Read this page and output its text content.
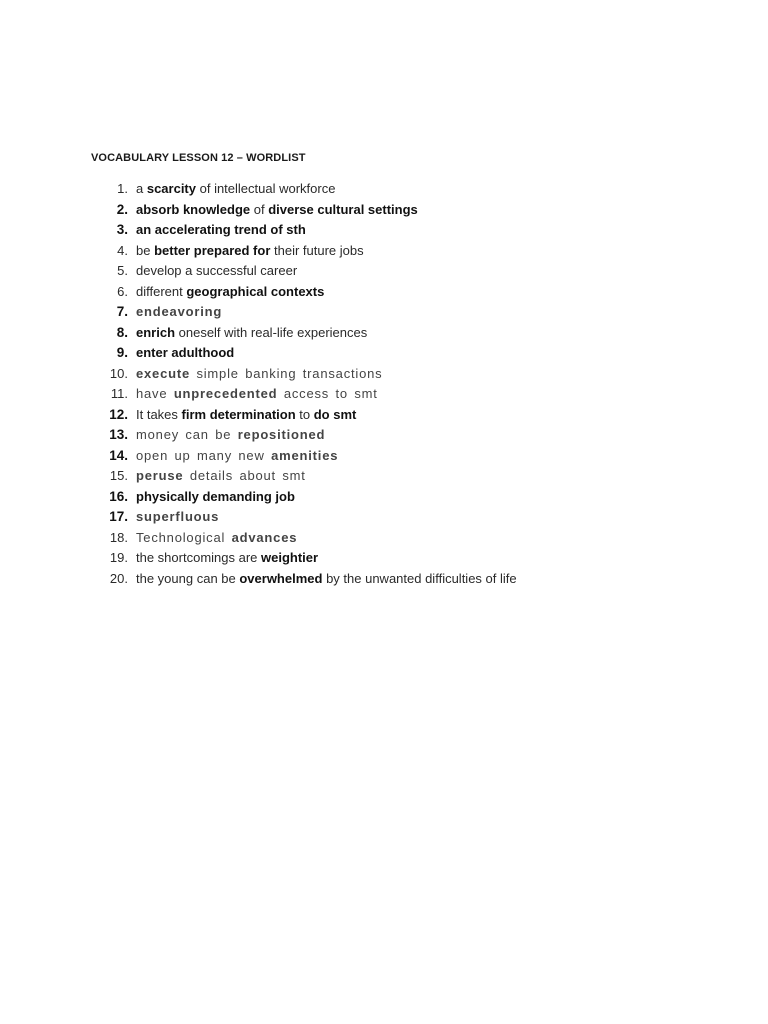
VOCABULARY LESSON 12 – WORDLIST
1. a scarcity of intellectual workforce
2. absorb knowledge of diverse cultural settings
3. an accelerating trend of sth
4. be better prepared for their future jobs
5. develop a successful career
6. different geographical contexts
7. endeavoring
8. enrich oneself with real-life experiences
9. enter adulthood
10. execute simple banking transactions
11. have unprecedented access to smt
12. It takes firm determination to do smt
13. money can be repositioned
14. open up many new amenities
15. peruse details about smt
16. physically demanding job
17. superfluous
18. Technological advances
19. the shortcomings are weightier
20. the young can be overwhelmed by the unwanted difficulties of life
